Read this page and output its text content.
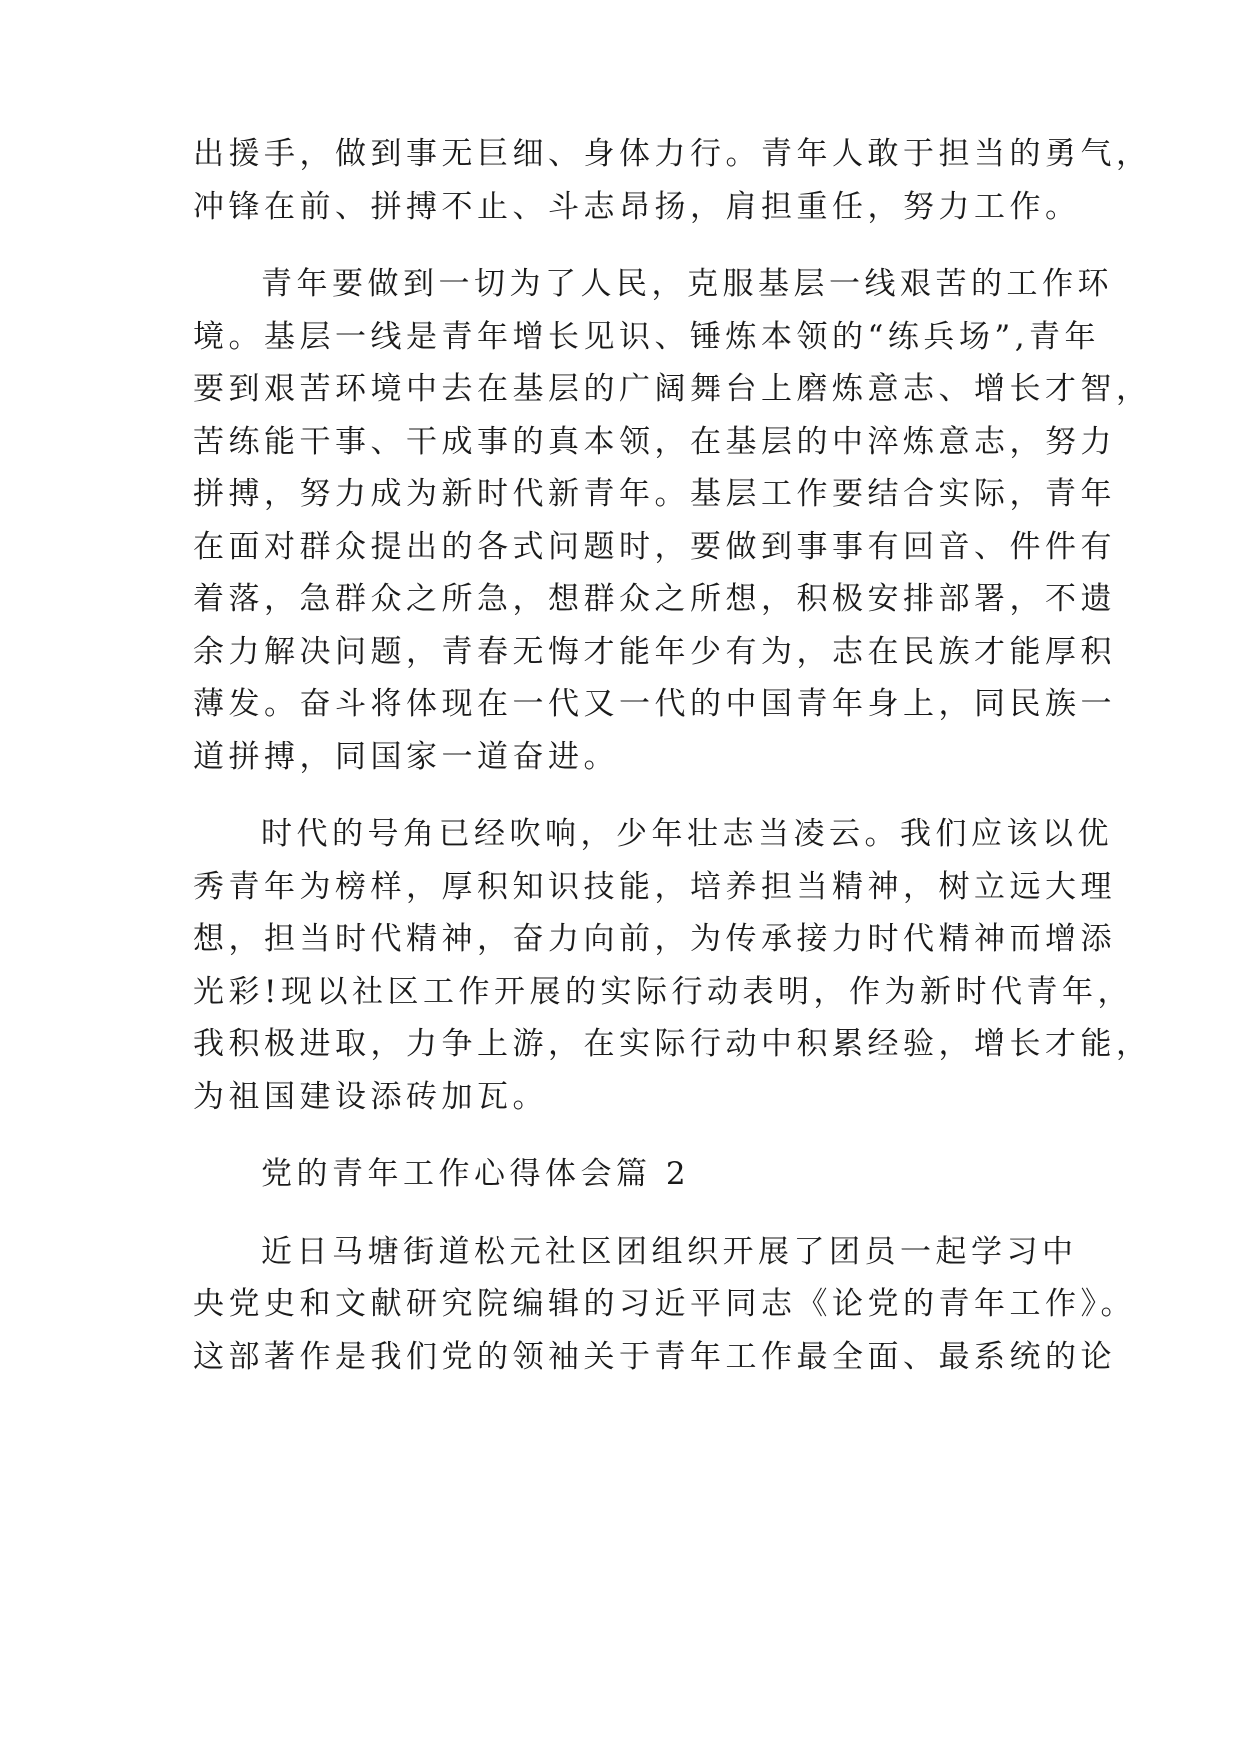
出援手，做到事无巨细、身体力行。青年人敢于担当的勇气，
冲锋在前、拼搏不止、斗志昂扬，肩担重任，努力工作。
青年要做到一切为了人民，克服基层一线艰苦的工作环
境。基层一线是青年增长见识、锤炼本领的“练兵场”,青年
要到艰苦环境中去在基层的广阔舞台上磨炼意志、增长才智，
苦练能干事、干成事的真本领，在基层的中淬炼意志，努力
拼搏，努力成为新时代新青年。基层工作要结合实际，青年
在面对群众提出的各式问题时，要做到事事有回音、件件有
着落，急群众之所急，想群众之所想，积极安排部署，不遗
余力解决问题，青春无悔才能年少有为，志在民族才能厚积
薄发。奋斗将体现在一代又一代的中国青年身上，同民族一
道拼搏，同国家一道奋进。
时代的号角已经吹响，少年壮志当凌云。我们应该以优
秀青年为榜样，厚积知识技能，培养担当精神，树立远大理
想，担当时代精神，奋力向前，为传承接力时代精神而增添
光彩!现以社区工作开展的实际行动表明，作为新时代青年，
我积极进取，力争上游，在实际行动中积累经验，增长才能，
为祖国建设添砖加瓦。
党的青年工作心得体会篇 2
近日马塘街道松元社区团组织开展了团员一起学习中
央党史和文献研究院编辑的习近平同志《论党的青年工作》。
这部著作是我们党的领袖关于青年工作最全面、最系统的论
